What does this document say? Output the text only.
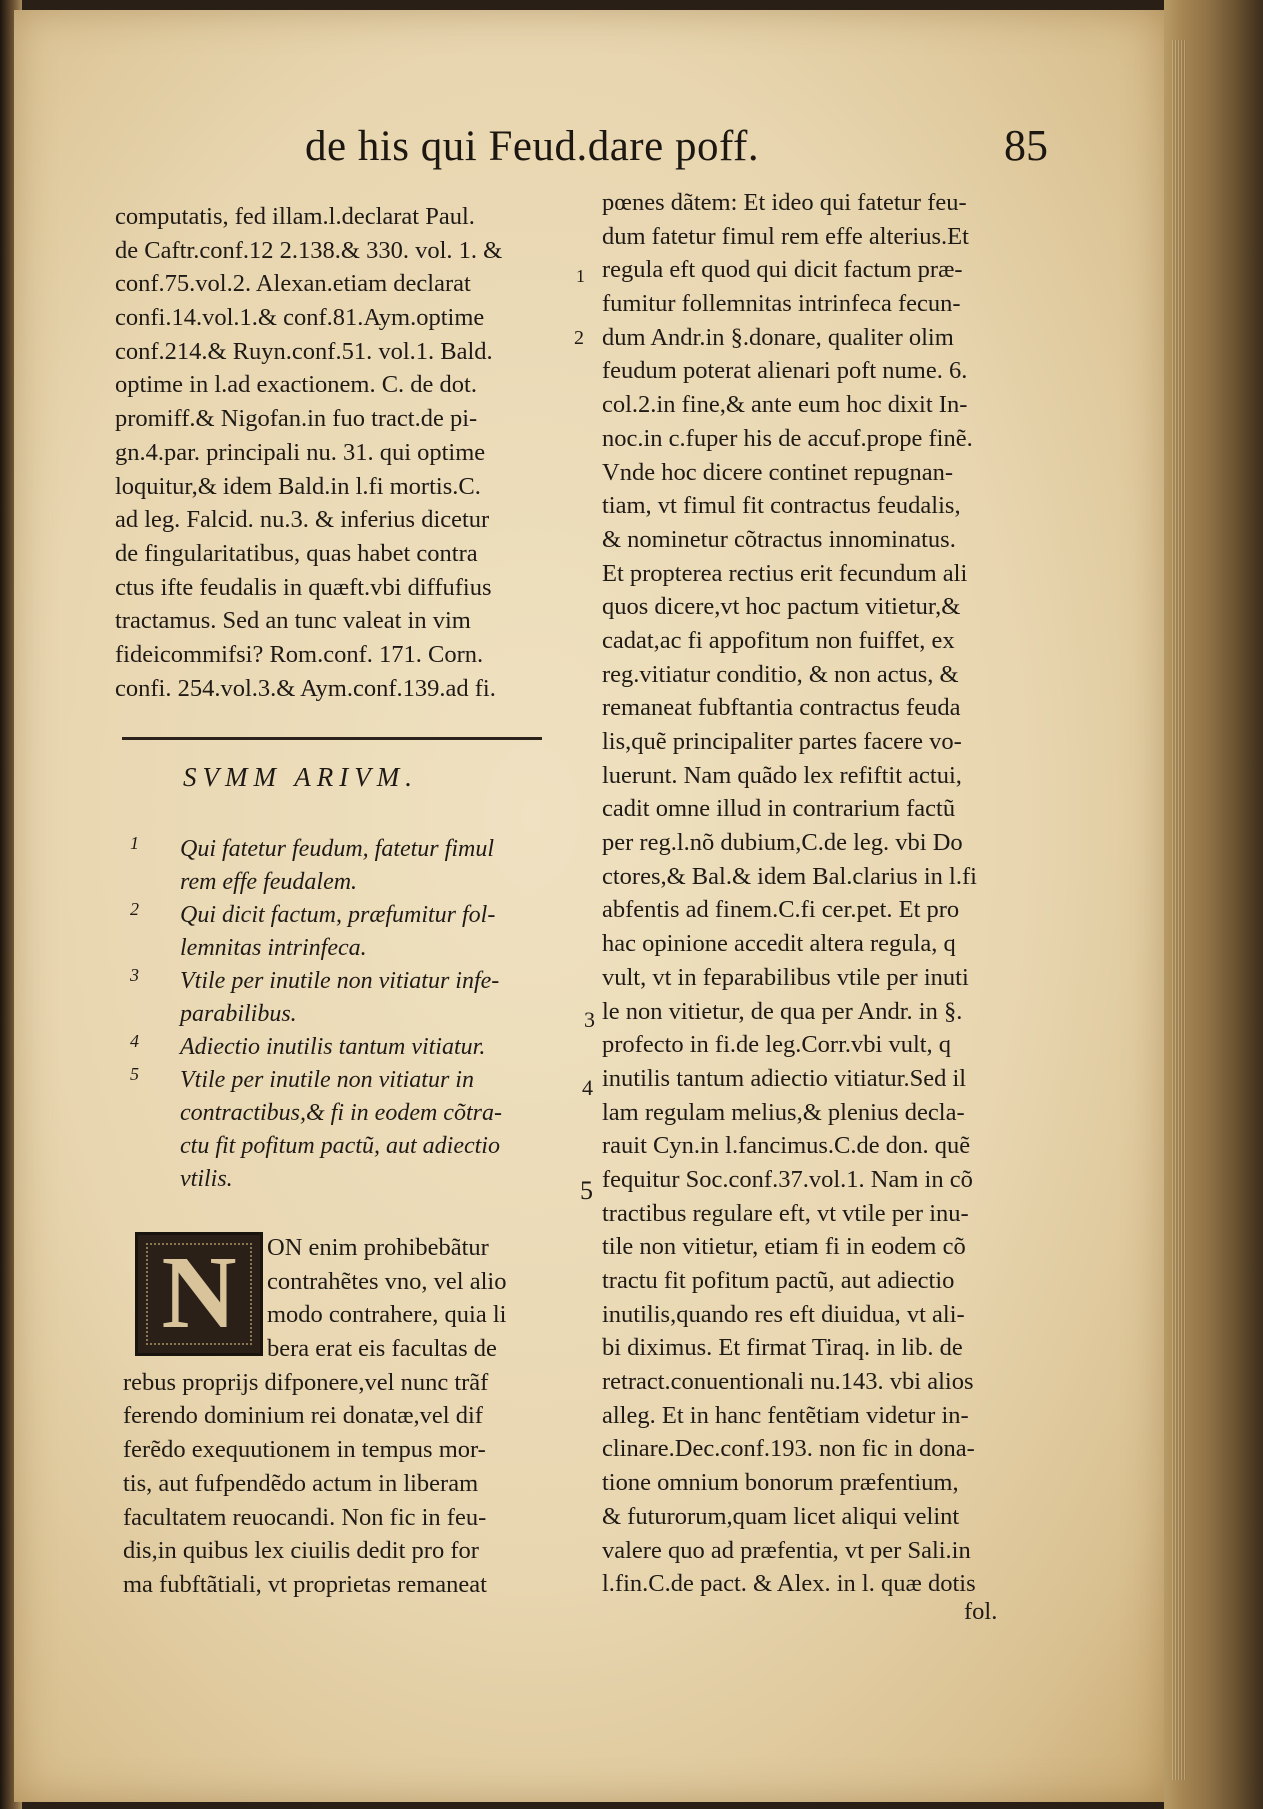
de his qui Feud.dare poff.	85
computatis, fed illam.l.declarat Paul.
de Caftr.conf.12 2.138.& 330. vol. 1. &
conf.75.vol.2. Alexan.etiam declarat
confi.14.vol.1.& conf.81.Aym.optime
conf.214.& Ruyn.conf.51. vol.1. Bald.
optime in l.ad exactionem. C. de dot.
promiff.& Nigofan.in fuo tract.de pi-
gn.4.par. principali nu. 31. qui optime
loquitur,& idem Bald.in l.fi mortis.C.
ad leg. Falcid. nu.3. & inferius dicetur
de fingularitatibus, quas habet contra
ctus ifte feudalis in quæft.vbi diffufius
tractamus. Sed an tunc valeat in vim
fideicommifsi? Rom.conf. 171. Corn.
confi. 254.vol.3.& Aym.conf.139.ad fi.
SVMM ARIVM.
1 Qui fatetur feudum, fatetur fimul
rem effe feudalem.
2 Qui dicit factum, præfumitur fol-
lemnitas intrinfeca.
3 Vtile per inutile non vitiatur infe-
parabilibus.
4 Adiectio inutilis tantum vitiatur.
5 Vtile per inutile non vitiatur in
contractibus,& fi in eodem cõtra-
ctu fit pofitum pactũ, aut adiectio
vtilis.
N	ON enim prohibebãtur
contrahẽtes vno, vel alio
modo contrahere, quia li
bera erat eis facultas de
rebus proprijs difponere,vel nunc trãf
ferendo dominium rei donatæ,vel dif
ferẽdo exequutionem in tempus mor-
tis, aut fufpendẽdo actum in liberam
facultatem reuocandi. Non fic in feu-
dis,in quibus lex ciuilis dedit pro for
ma fubftãtiali, vt proprietas remaneat
pœnes dãtem: Et ideo qui fatetur feu-
dum fatetur fimul rem effe alterius.Et
regula eft quod qui dicit factum præ-
fumitur follemnitas intrinfeca fecun-
dum Andr.in §.donare, qualiter olim
feudum poterat alienari poft nume. 6.
col.2.in fine,& ante eum hoc dixit In-
noc.in c.fuper his de accuf.prope finẽ.
Vnde hoc dicere continet repugnan-
tiam, vt fimul fit contractus feudalis,
& nominetur cõtractus innominatus.
Et propterea rectius erit fecundum ali
quos dicere,vt hoc pactum vitietur,&
cadat,ac fi appofitum non fuiffet, ex
reg.vitiatur conditio, & non actus, &
remaneat fubftantia contractus feuda
lis,quẽ principaliter partes facere vo-
luerunt. Nam quãdo lex refiftit actui,
cadit omne illud in contrarium factũ
per reg.l.nõ dubium,C.de leg. vbi Do
ctores,& Bal.& idem Bal.clarius in l.fi
abfentis ad finem.C.fi cer.pet. Et pro
hac opinione accedit altera regula, q
vult, vt in feparabilibus vtile per inuti
le non vitietur, de qua per Andr. in §.
profecto in fi.de leg.Corr.vbi vult, q
inutilis tantum adiectio vitiatur.Sed il
lam regulam melius,& plenius decla-
rauit Cyn.in l.fancimus.C.de don. quẽ
fequitur Soc.conf.37.vol.1. Nam in cõ
tractibus regulare eft, vt vtile per inu-
tile non vitietur, etiam fi in eodem cõ
tractu fit pofitum pactũ, aut adiectio
inutilis,quando res eft diuidua, vt ali-
bi diximus. Et firmat Tiraq. in lib. de
retract.conuentionali nu.143. vbi alios
alleg. Et in hanc fentẽtiam videtur in-
clinare.Dec.conf.193. non fic in dona-
tione omnium bonorum præfentium,
& futurorum,quam licet aliqui velint
valere quo ad præfentia, vt per Sali.in
l.fin.C.de pact. & Alex. in l. quæ dotis
1
2
3
4
5
fol.
